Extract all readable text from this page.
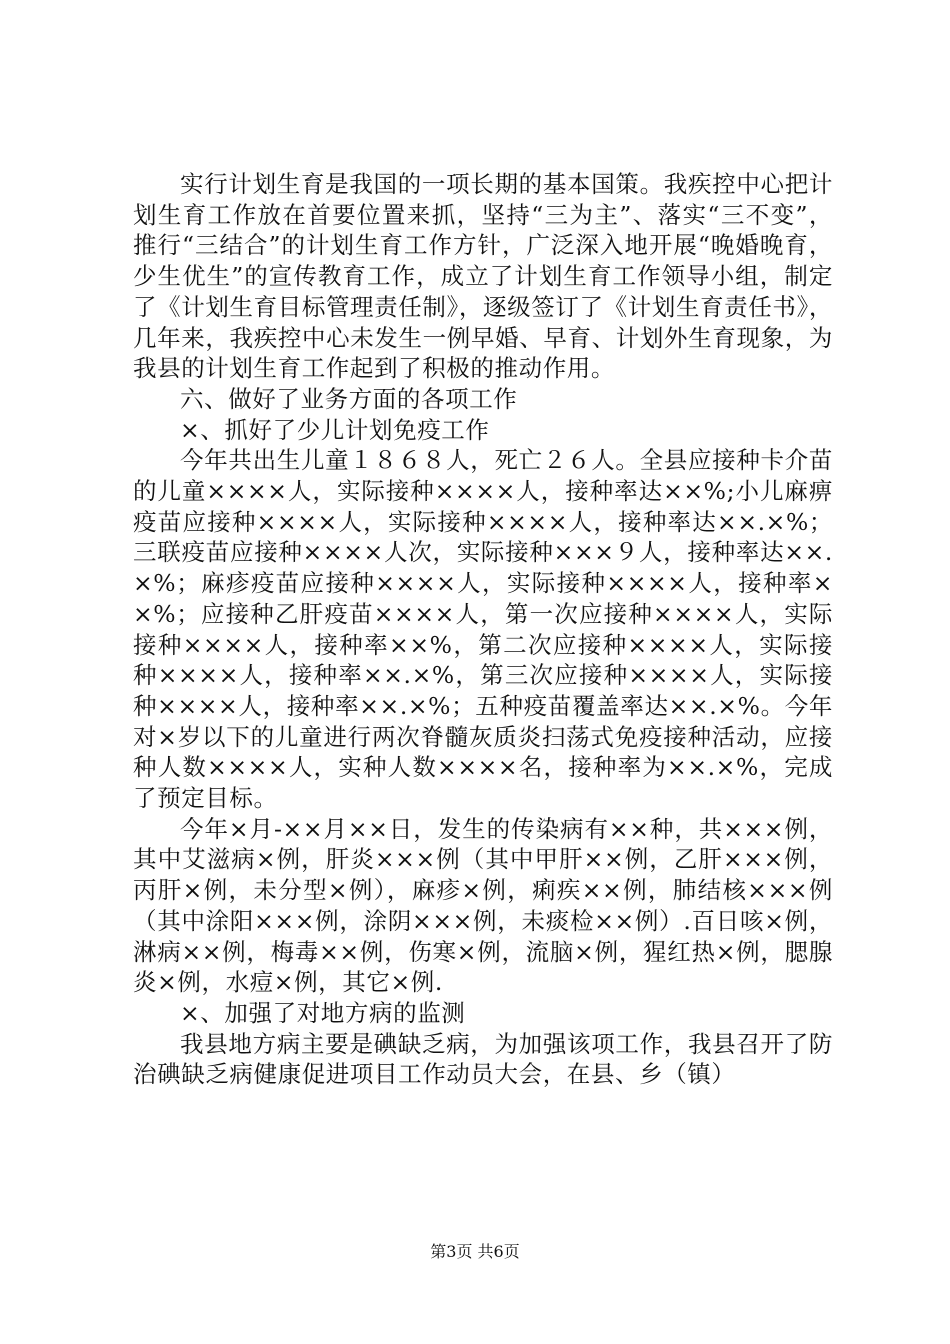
实行计划生育是我国的一项长期的基本国策。我疾控中心把计划生育工作放在首要位置来抓，坚持“三为主”、落实“三不变”，推行“三结合”的计划生育工作方针，广泛深入地开展“晚婚晚育，少生优生”的宣传教育工作，成立了计划生育工作领导小组，制定了《计划生育目标管理责任制》，逐级签订了《计划生育责任书》，几年来，我疾控中心未发生一例早婚、早育、计划外生育现象，为我县的计划生育工作起到了积极的推动作用。

六、做好了业务方面的各项工作

×、抓好了少儿计划免疫工作

今年共出生儿童１８６８人，死亡２６人。全县应接种卡介苗的儿童××××人，实际接种××××人，接种率达××%;小儿麻痹疫苗应接种××××人，实际接种××××人，接种率达××.×%；三联疫苗应接种××××人次，实际接种×××９人，接种率达××.×%；麻疹疫苗应接种××××人，实际接种××××人，接种率××%；应接种乙肝疫苗××××人，第一次应接种××××人，实际接种××××人，接种率××%，第二次应接种××××人，实际接种××××人，接种率××.×%，第三次应接种××××人，实际接种××××人，接种率××.×%；五种疫苗覆盖率达××.×%。今年对×岁以下的儿童进行两次脊髓灰质炎扫荡式免疫接种活动，应接种人数××××人，实种人数××××名，接种率为××.×%，完成了预定目标。

今年×月-××月××日，发生的传染病有××种，共×××例，其中艾滋病×例，肝炎×××例（其中甲肝××例，乙肝×××例，丙肝×例，未分型×例），麻疹×例，痢疾××例，肺结核×××例（其中涂阳×××例，涂阴×××例，未痰检××例）.百日咳×例，淋病××例，梅毒××例，伤寒×例，流脑×例，猩红热×例，腮腺炎×例，水痘×例，其它×例.

×、加强了对地方病的监测

我县地方病主要是碘缺乏病，为加强该项工作，我县召开了防治碘缺乏病健康促进项目工作动员大会，在县、乡（镇）

第3页 共6页
